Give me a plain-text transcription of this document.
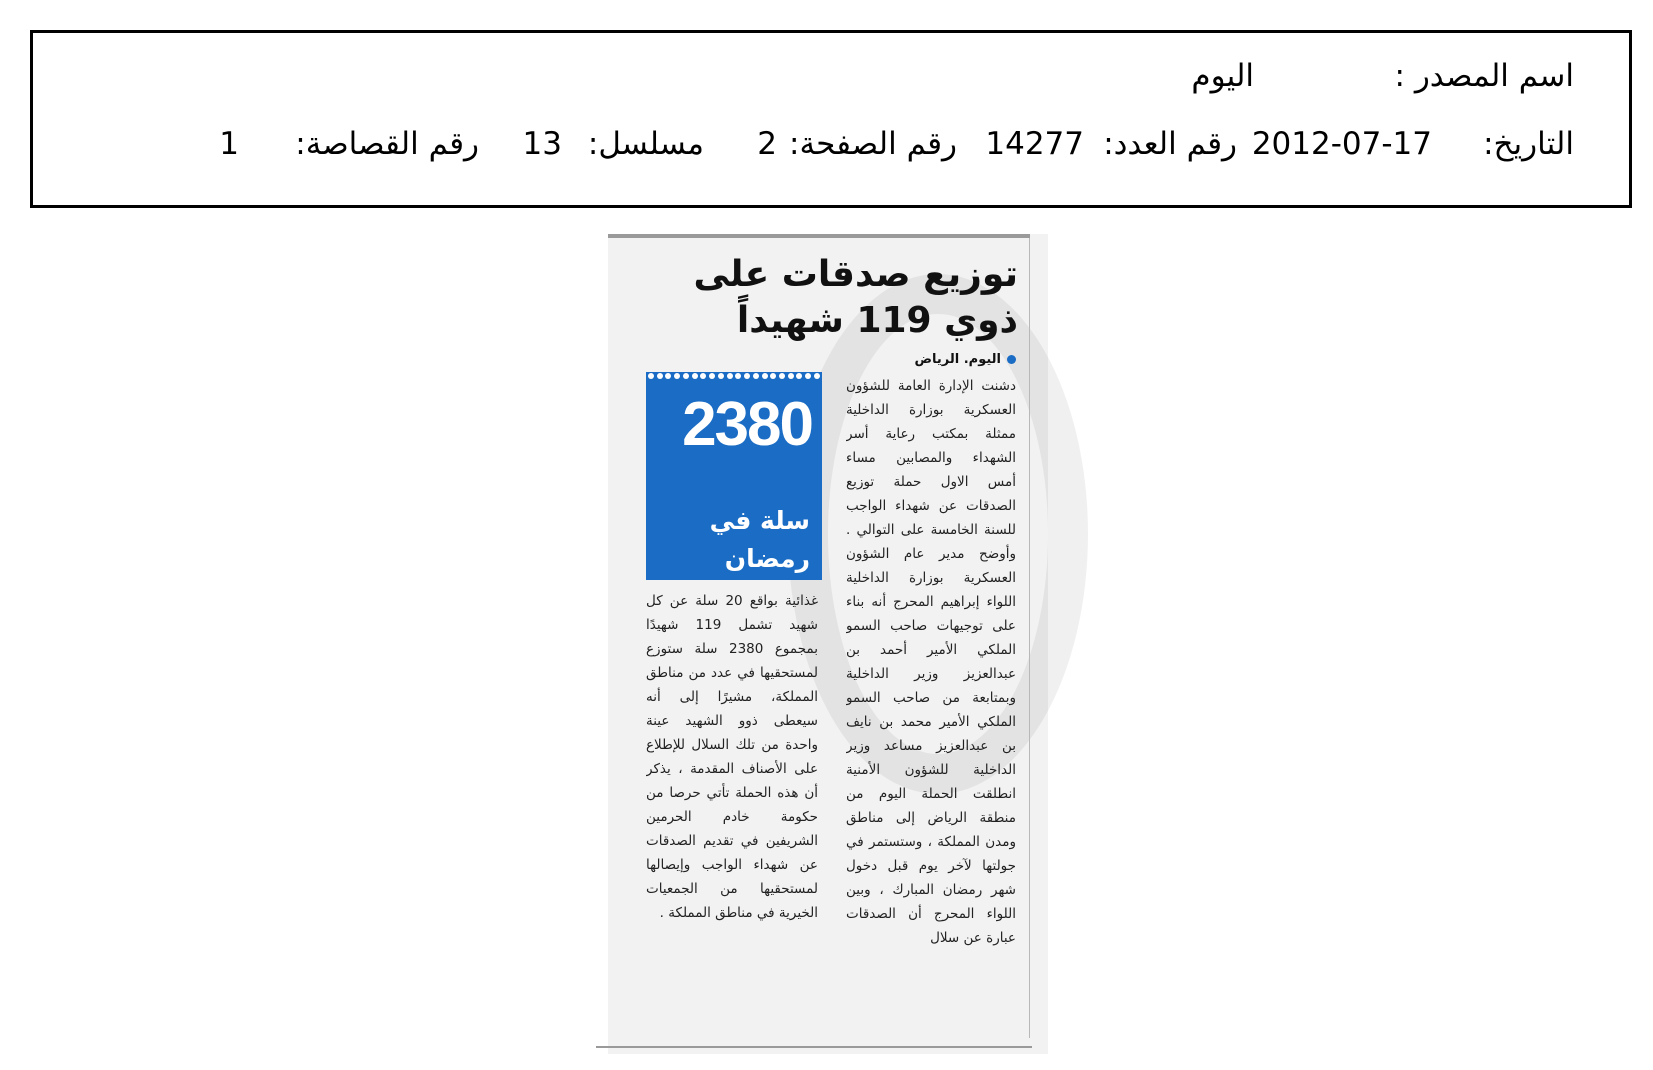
اسم المصدر :
اليوم
التاريخ:
2012-07-17
رقم العدد:
14277
رقم الصفحة:
2
مسلسل:
13
رقم القصاصة:
1
توزيع صدقات على ذوي 119 شهيداً
اليوم. الرياض
2380
سلة في رمضان
دشنت الإدارة العامة للشؤون العسكرية بوزارة الداخلية ممثلة بمكتب رعاية أسر الشهداء والمصابين مساء أمس الاول حملة توزيع الصدقات عن شهداء الواجب للسنة الخامسة على التوالي . وأوضح مدير عام الشؤون العسكرية بوزارة الداخلية اللواء إبراهيم المحرج أنه بناء على توجيهات صاحب السمو الملكي الأمير أحمد بن عبدالعزيز وزير الداخلية وبمتابعة من صاحب السمو الملكي الأمير محمد بن نايف بن عبدالعزيز مساعد وزير الداخلية للشؤون الأمنية انطلقت الحملة اليوم من منطقة الرياض إلى مناطق ومدن المملكة ، وستستمر في جولتها لآخر يوم قبل دخول شهر رمضان المبارك ، وبين اللواء المحرج أن الصدقات عبارة عن سلال
غذائية بواقع 20 سلة عن كل شهيد تشمل 119 شهيدًا بمجموع 2380 سلة ستوزع لمستحقيها في عدد من مناطق المملكة، مشيرًا إلى أنه سيعطى ذوو الشهيد عينة واحدة من تلك السلال للإطلاع على الأصناف المقدمة ، يذكر أن هذه الحملة تأتي حرصا من حكومة خادم الحرمين الشريفين في تقديم الصدقات عن شهداء الواجب وإيصالها لمستحقيها من الجمعيات الخيرية في مناطق المملكة .
